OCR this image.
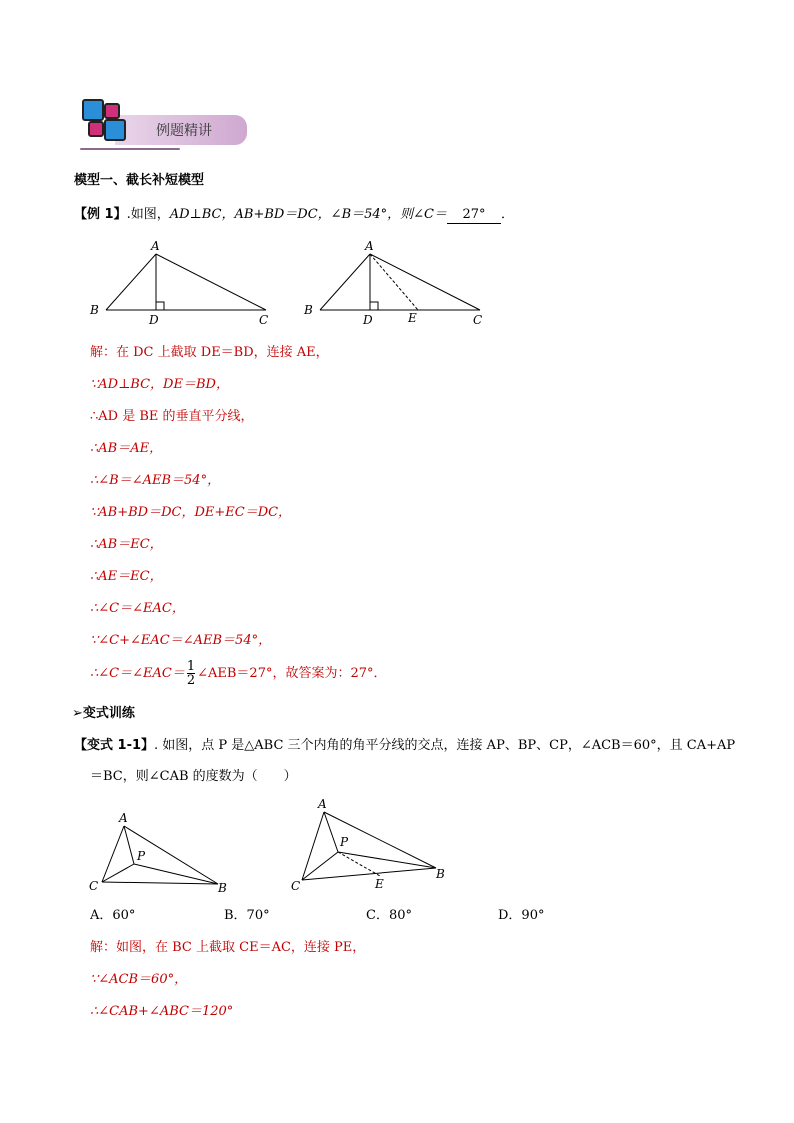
例题精讲
模型一、截长补短模型
【例 1】.如图，AD⊥BC，AB+BD＝DC，∠B＝54°，则∠C＝ 27° ．
A
B
D	C
A
B
D	E	C
解：在 DC 上截取 DE＝BD，连接 AE，
∵AD⊥BC，DE＝BD，
∴AD 是 BE 的垂直平分线，
∴AB＝AE，
∴∠B＝∠AEB＝54°，
∵AB+BD＝DC，DE+EC＝DC，
∴AB＝EC，
∴AE＝EC，
∴∠C＝∠EAC，
∵∠C+∠EAC＝∠AEB＝54°，
∴∠C＝∠EAC＝ $\frac{1}{2}$ ∠AEB＝27°，故答案为：27°．
➢变式训练
【变式 1-1】. 如图，点 P 是△ABC 三个内角的角平分线的交点，连接 AP、BP、CP，∠ACB＝60°，且 CA+AP
＝BC，则∠CAB 的度数为（　　）
A
P
C	B
A
P
C	E
B
A．60°	B．70°	C．80°	D．90°
解：如图，在 BC 上截取 CE＝AC，连接 PE，
∵∠ACB＝60°，
∴∠CAB+∠ABC＝120°
